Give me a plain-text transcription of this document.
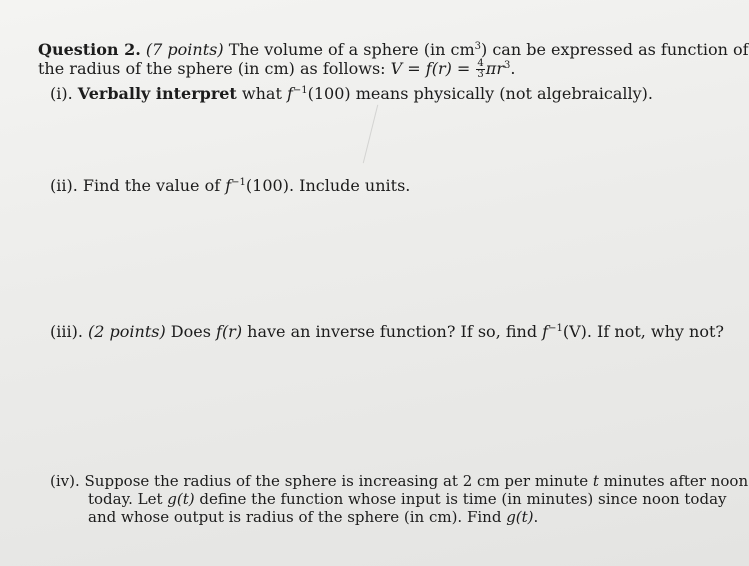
Question 2. (7 points) The volume of a sphere (in $cm^3$) can be expressed as function of
the radius of the sphere (in cm) as follows: $V = f(r) = \frac{4}{3} \pi r^3$.
(i). Verbally interpret what $f^{-1}(100)$ means physically (not algebraically).
(ii). Find the value of $f^{-1}(100)$. Include units.
(iii). (2 points) Does f(r) have an inverse function? If so, find $f^{-1}(V)$. If not, why not?
(iv). Suppose the radius of the sphere is increasing at 2 cm per minute t minutes after noon
today. Let g(t) define the function whose input is time (in minutes) since noon today
and whose output is radius of the sphere (in cm). Find g(t).
